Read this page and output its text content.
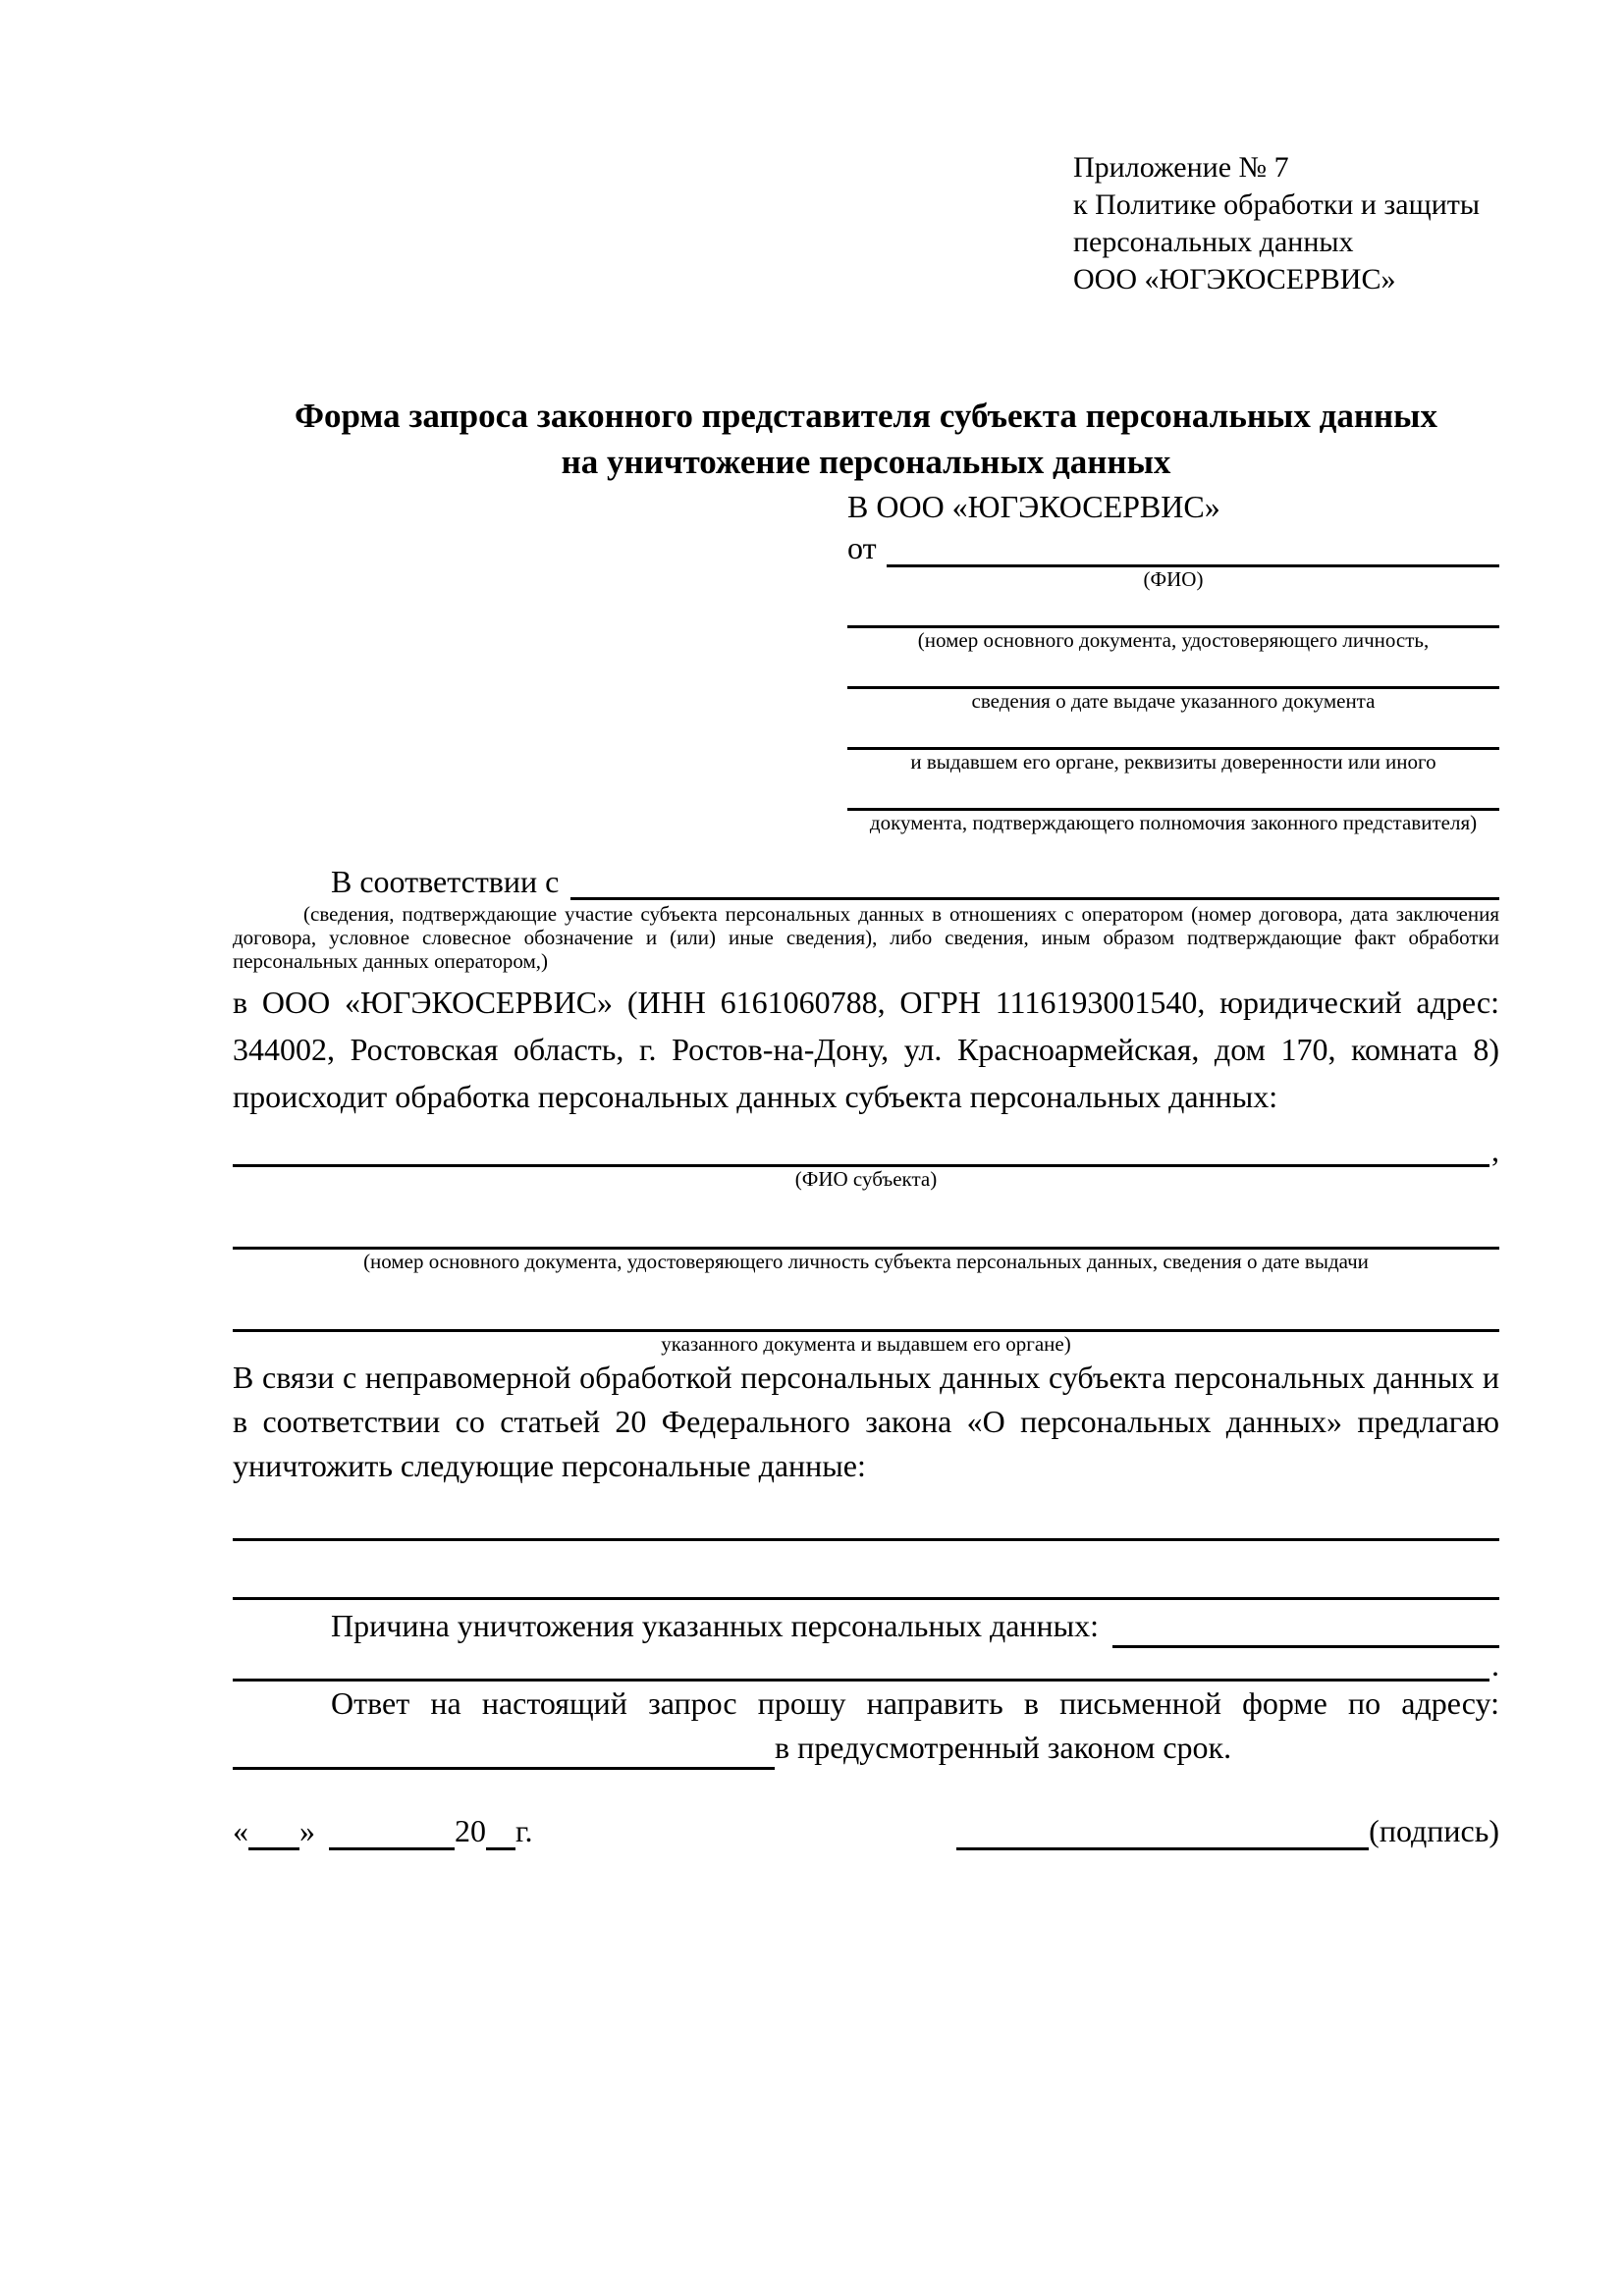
Приложение № 7
к Политике обработки и защиты
персональных данных
ООО «ЮГЭКОСЕРВИС»
Форма запроса законного представителя субъекта персональных данных
на уничтожение персональных данных
В ООО «ЮГЭКОСЕРВИС»
от
(ФИО)
(номер основного документа, удостоверяющего личность,
сведения о дате выдаче указанного документа
и выдавшем его органе, реквизиты доверенности или иного
документа, подтверждающего полномочия законного представителя)
В соответствии с
(сведения, подтверждающие участие субъекта персональных данных в отношениях с оператором (номер договора, дата заключения договора, условное словесное обозначение и (или) иные сведения), либо сведения, иным образом подтверждающие факт обработки персональных данных оператором,)
в ООО «ЮГЭКОСЕРВИС» (ИНН 6161060788, ОГРН 1116193001540, юридический адрес: 344002, Ростовская область, г. Ростов-на-Дону, ул. Красноармейская, дом 170, комната 8) происходит обработка персональных данных субъекта персональных данных:
,
(ФИО субъекта)
(номер основного документа, удостоверяющего личность субъекта персональных данных, сведения о дате выдачи
указанного документа и выдавшем его органе)
В связи с неправомерной обработкой персональных данных субъекта персональных данных и в соответствии со статьей 20 Федерального закона «О персональных данных» предлагаю уничтожить следующие персональные данные:
Причина уничтожения указанных персональных данных:
.
Ответ на настоящий запрос прошу направить в письменной форме по адресу:
в предусмотренный законом срок.
« »	20 г.	(подпись)
